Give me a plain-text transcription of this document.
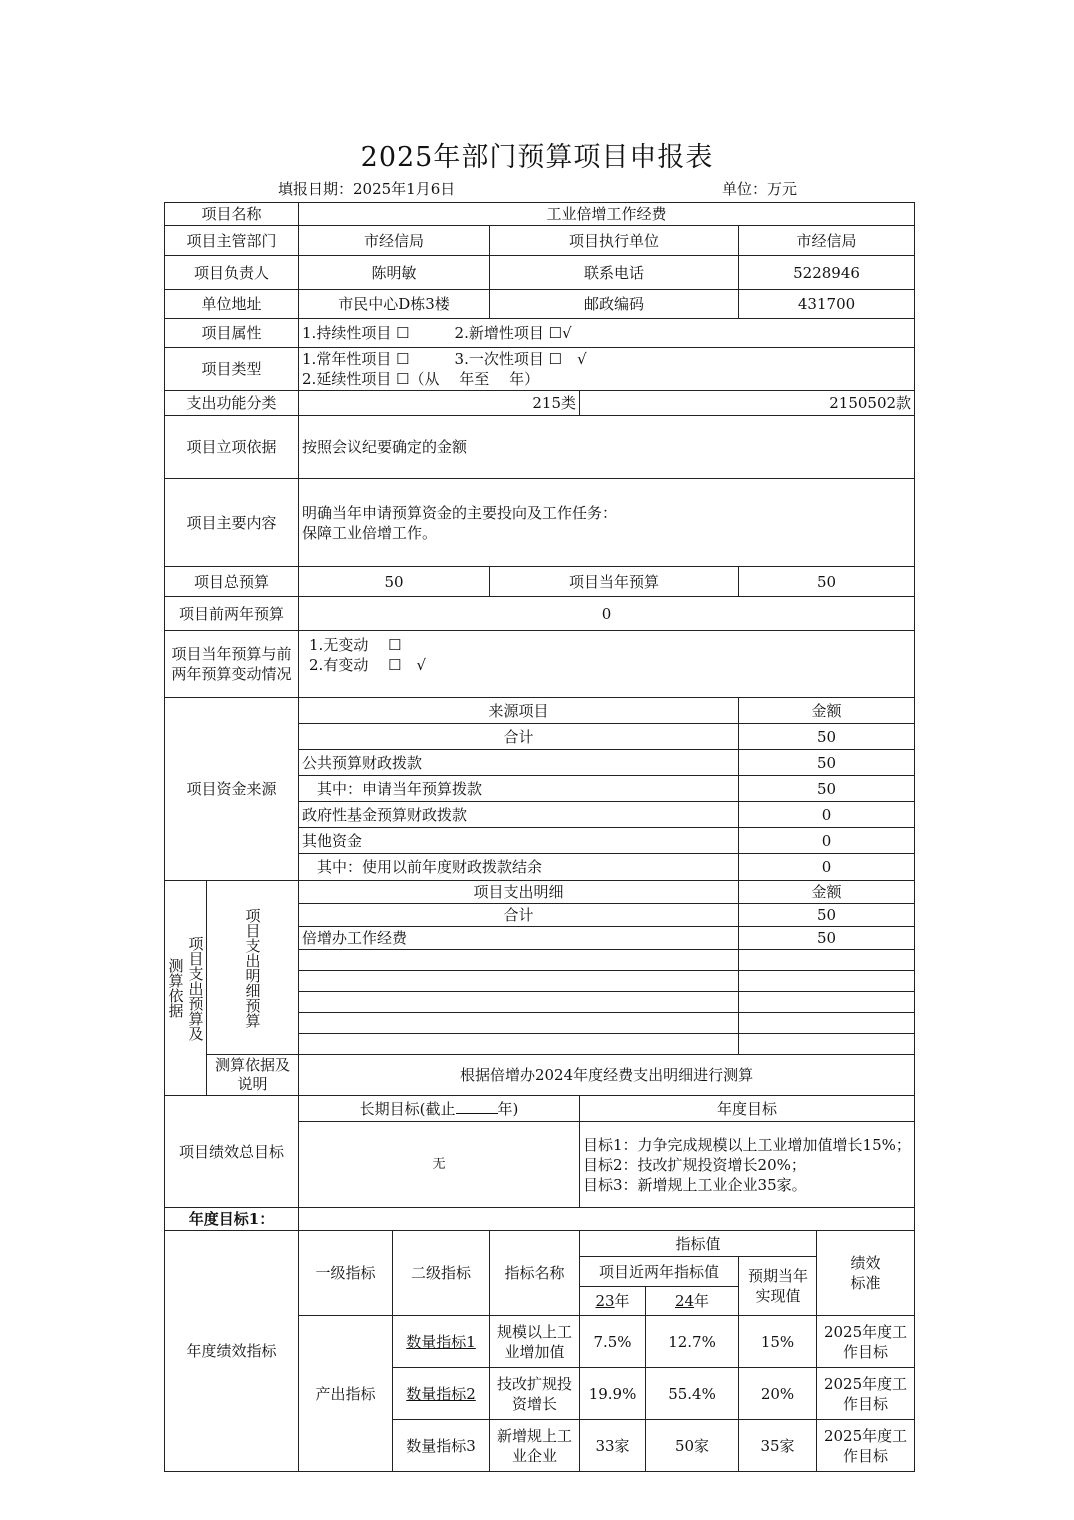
2025年部门预算项目申报表
填报日期：2025年1月6日	单位：万元
项目名称		工业倍增工作经费						
项目主管部门		市经信局		项目执行单位			市经信局	
项目负责人		陈明敏		联系电话			5228946	
单位地址		市民中心D栋3楼		邮政编码			431700	
项目属性		1.持续性项目 ☐　　　2.新增性项目 ☐√						
项目类型		1.常年性项目 ☐　　　3.一次性项目 ☐　√
2.延续性项目 ☐（从　 年至　 年）						

支出功能分类		215类			2150502款			
项目立项依据		按照会议纪要确定的金额						
项目主要内容		明确当年申请预算资金的主要投向及工作任务：
保障工业倍增工作。						

项目总预算		50		项目当年预算			50	
项目前两年预算		0						
项目当年预算与前两年预算变动情况		1.无变动　 ☐
2.有变动　 ☐　√						

项目资金来源		来源项目					金额	
		合计					50	
		公共预算财政拨款					50	
		其中：申请当年预算拨款					50	
		政府性基金预算财政拨款					0	
		其他资金					0	
		其中：使用以前年度财政拨款结余					0	

项目支出预算及测算依据	项目支出明细预算	项目支出明细					金额	
		合计					50	
		倍增办工作经费					50	

	测算依据及说明	根据倍增办2024年度经费支出明细进行测算						
项目绩效总目标		长期目标(截止 年)			年度目标			
		无			目标1：力争完成规模以上工业增加值增长15%；
目标2：技改扩规投资增长20%；
目标3：新增规上工业企业35家。			

年度目标1：								
年度绩效指标		一级指标	二级指标	指标名称	指标值			绩效标准

					项目近两年指标值		预期当年实现值	

					23年	24年		
		产出指标	数量指标1	规模以上工业增加值	7.5%	12.7%	15%	2025年度工作目标
			数量指标2	技改扩规投资增长	19.9%	55.4%	20%	2025年度工作目标
			数量指标3	新增规上工业企业	33家	50家	35家	2025年度工作目标
